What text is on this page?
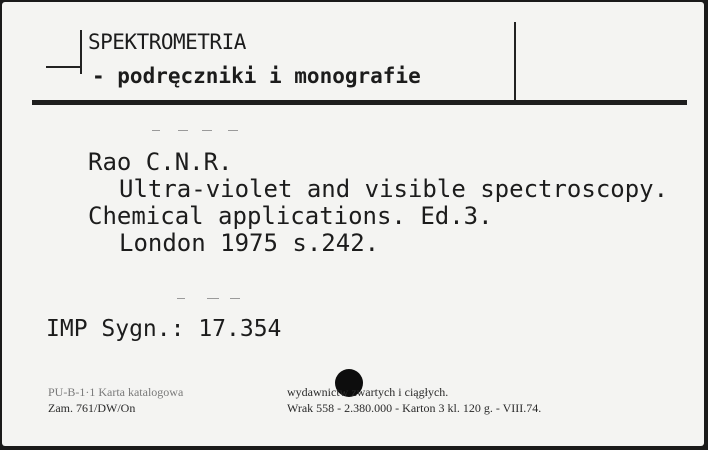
SPEKTROMETRIA
- podręczniki i monografie
Rao C.N.R.
Ultra-violet and visible spectroscopy.
Chemical applications. Ed.3.
London 1975 s.242.
IMP Sygn.: 17.354
PU-B-1·1 Karta katalogowa
Zam. 761/DW/On
wydawnictw zwartych i ciągłych.
Wrak 558 - 2.380.000 - Karton 3 kl. 120 g. - VIII.74.
